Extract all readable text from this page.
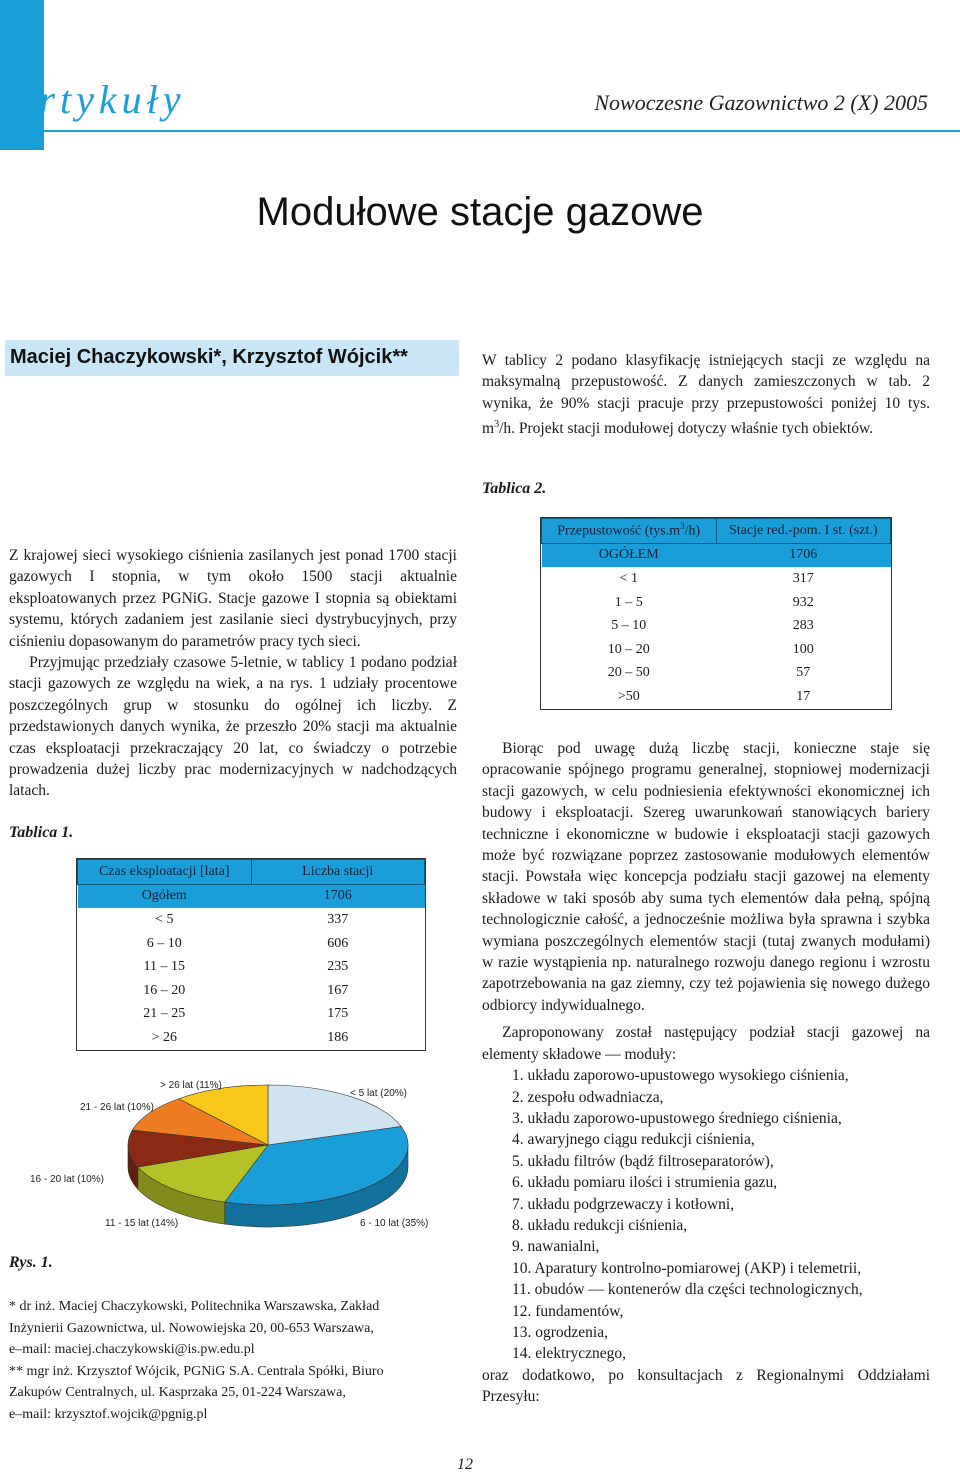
Artykuły	Nowoczesne Gazownictwo 2 (X) 2005
Modułowe stacje gazowe
Maciej Chaczykowski*, Krzysztof Wójcik**

Z krajowej sieci wysokiego ciśnienia zasilanych jest ponad 1700 stacji gazowych I stopnia, w tym około 1500 stacji aktualnie eksploatowanych przez PGNiG. Stacje gazowe I stopnia są obiektami systemu, których zadaniem jest zasilanie sieci dystrybucyjnych, przy ciśnieniu dopasowanym do parametrów pracy tych sieci.

Przyjmując przedziały czasowe 5-letnie, w tablicy 1 podano podział stacji gazowych ze względu na wiek, a na rys. 1 udziały procentowe poszczególnych grup w stosunku do ogólnej ich liczby. Z przedstawionych danych wynika, że przeszło 20% stacji ma aktualnie czas eksploatacji przekraczający 20 lat, co świadczy o potrzebie prowadzenia dużej liczby prac modernizacyjnych w nadchodzących latach.

Tablica 1.
Czas eksploatacji [lata]	Liczba stacji
Ogółem	1706
< 5	337
6 – 10	606
11 – 15	235
16 – 20	167
21 – 25	175
> 26	186
< 5 lat (20%)
6 - 10 lat (35%)
11 - 15 lat (14%)
16 - 20 lat (10%)
21 - 26 lat (10%)
> 26 lat (11%)
Rys. 1.
* dr inż. Maciej Chaczykowski, Politechnika Warszawska, Zakład
Inżynierii Gazownictwa, ul. Nowowiejska 20, 00-653 Warszawa,
e–mail: maciej.chaczykowski@is.pw.edu.pl
** mgr inż. Krzysztof Wójcik, PGNiG S.A. Centrala Spółki, Biuro
Zakupów Centralnych, ul. Kasprzaka 25, 01-224 Warszawa,
e–mail: krzysztof.wojcik@pgnig.pl

W tablicy 2 podano klasyfikację istniejących stacji ze względu na maksymalną przepustowość. Z danych zamieszczonych w tab. 2 wynika, że 90% stacji pracuje przy przepustowości poniżej 10 tys. $m^3/h$. Projekt stacji modułowej dotyczy właśnie tych obiektów.

Tablica 2.
Przepustowość $(tys.m^3/h)$	Stacje red.-pom. I st. (szt.)
OGÓŁEM	1706
< 1	317
1 – 5	932
5 – 10	283
10 – 20	100
20 – 50	57
>50	17

Biorąc pod uwagę dużą liczbę stacji, konieczne staje się opracowanie spójnego programu generalnej, stopniowej modernizacji stacji gazowych, w celu podniesienia efektywności ekonomicznej ich budowy i eksploatacji. Szereg uwarunkowań stanowiących bariery techniczne i ekonomiczne w budowie i eksploatacji stacji gazowych może być rozwiązane poprzez zastosowanie modułowych elementów stacji. Powstała więc koncepcja podziału stacji gazowej na elementy składowe w taki sposób aby suma tych elementów dała pełną, spójną technologicznie całość, a jednocześnie możliwa była sprawna i szybka wymiana poszczególnych elementów stacji (tutaj zwanych modułami) w razie wystąpienia np. naturalnego rozwoju danego regionu i wzrostu zapotrzebowania na gaz ziemny, czy też pojawienia się nowego dużego odbiorcy indywidualnego.

Zaproponowany został następujący podział stacji gazowej na elementy składowe — moduły:

1. układu zaporowo-upustowego wysokiego ciśnienia,
2. zespołu odwadniacza,
3. układu zaporowo-upustowego średniego ciśnienia,
4. awaryjnego ciągu redukcji ciśnienia,
5. układu filtrów (bądź filtroseparatorów),
6. układu pomiaru ilości i strumienia gazu,
7. układu podgrzewaczy i kotłowni,
8. układu redukcji ciśnienia,
9. nawanialni,
10. Aparatury kontrolno-pomiarowej (AKP) i telemetrii,
11. obudów — kontenerów dla części technologicznych,
12. fundamentów,
13. ogrodzenia,
14. elektrycznego,

oraz dodatkowo, po konsultacjach z Regionalnymi Oddziałami Przesyłu:

12
